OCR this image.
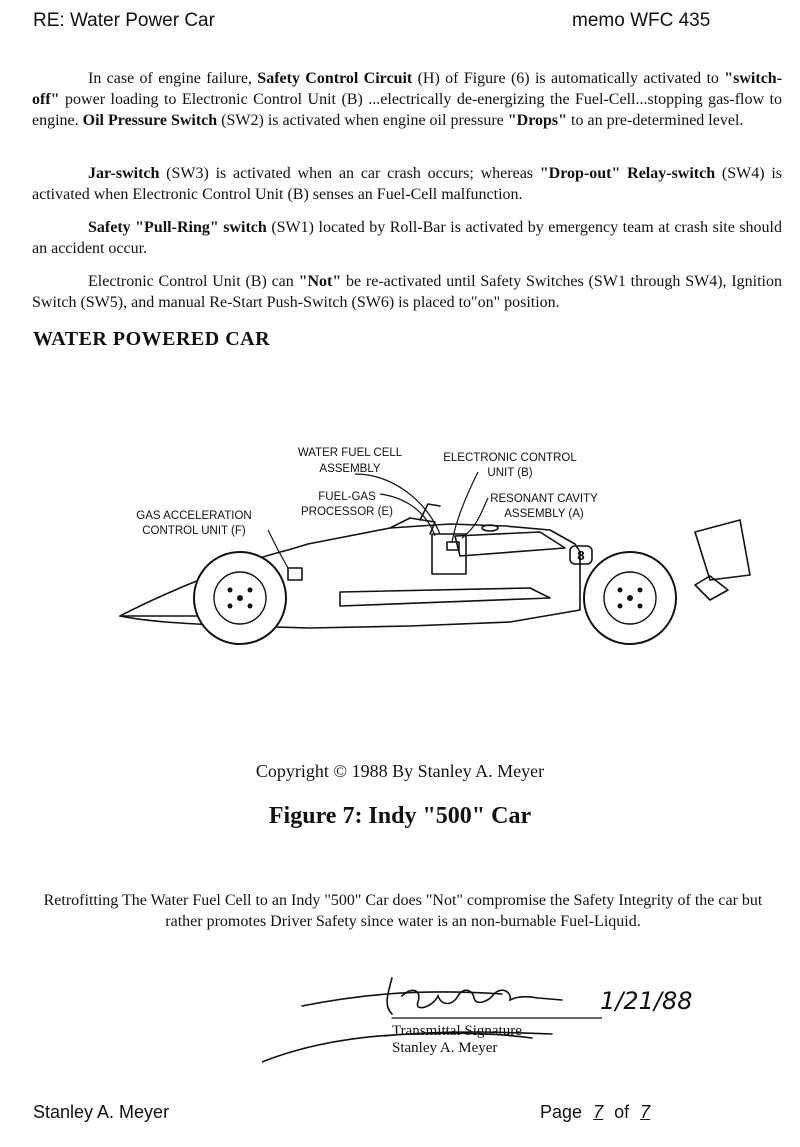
RE: Water Power Car	memo WFC 435

In case of engine failure, Safety Control Circuit (H) of Figure (6) is automatically activated to "switch-off" power loading to Electronic Control Unit (B) ...electrically de-energizing the Fuel-Cell...stopping gas-flow to engine. Oil Pressure Switch (SW2) is activated when engine oil pressure "Drops" to an pre-determined level.

Jar-switch (SW3) is activated when an car crash occurs; whereas "Drop-out" Relay-switch (SW4) is activated when Electronic Control Unit (B) senses an Fuel-Cell malfunction.

Safety "Pull-Ring" switch (SW1) located by Roll-Bar is activated by emergency team at crash site should an accident occur.

Electronic Control Unit (B) can "Not" be re-activated until Safety Switches (SW1 through SW4), Ignition Switch (SW5), and manual Re-Start Push-Switch (SW6) is placed to"on" position.

WATER POWERED CAR
WATER FUEL CELL
ASSEMBLY
ELECTRONIC CONTROL
UNIT (B)
FUEL-GAS
PROCESSOR (E)
RESONANT CAVITY
ASSEMBLY (A)
GAS ACCELERATION
CONTROL UNIT (F)
8
Copyright © 1988 By Stanley A. Meyer
Figure 7: Indy "500" Car
Retrofitting The Water Fuel Cell to an Indy "500" Car does "Not" compromise the Safety Integrity of the car but rather promotes Driver Safety since water is an non-burnable Fuel-Liquid.
1/21/88
Transmittal Signature
Stanley A. Meyer
Stanley A. Meyer	Page 7 of 7
